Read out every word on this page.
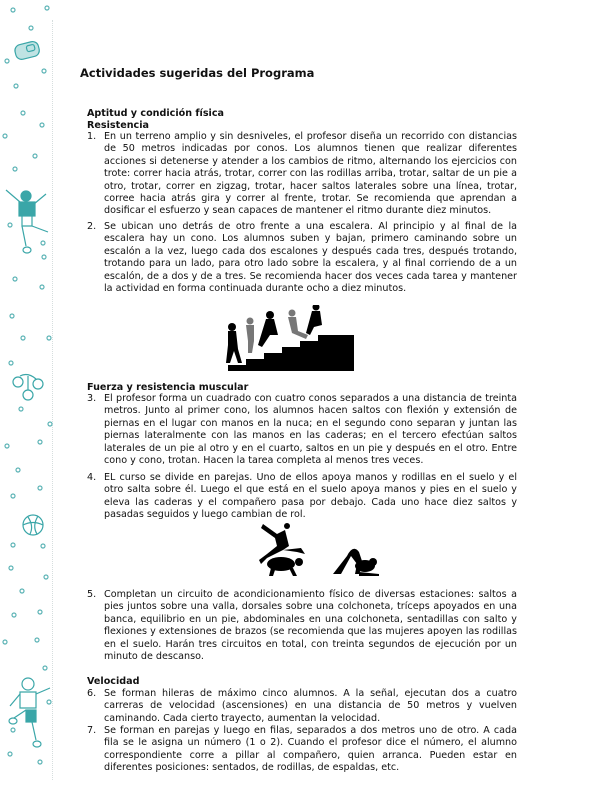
Actividades sugeridas del Programa
Aptitud y condición física
Resistencia
1. En un terreno amplio y sin desniveles, el profesor diseña un recorrido con distancias de 50 metros indicadas por conos. Los alumnos tienen que realizar diferentes acciones si detenerse y atender a los cambios de ritmo, alternando los ejercicios con trote: correr hacia atrás, trotar, correr con las rodillas arriba, trotar, saltar de un pie a otro, trotar, correr en zigzag, trotar, hacer saltos laterales sobre una línea, trotar, corree hacia atrás gira y correr al frente, trotar. Se recomienda que aprendan a dosificar el esfuerzo y sean capaces de mantener el ritmo durante diez minutos.
2. Se ubican uno detrás de otro frente a una escalera. Al principio y al final de la escalera hay un cono. Los alumnos suben y bajan, primero caminando sobre un escalón a la vez, luego cada dos escalones y después cada tres, después trotando, trotando para un lado, para otro lado sobre la escalera, y al final corriendo de a un escalón, de a dos y de a tres. Se recomienda hacer dos veces cada tarea y mantener la actividad en forma continuada durante ocho a diez minutos.
Fuerza y resistencia muscular
3. El profesor forma un cuadrado con cuatro conos separados a una distancia de treinta metros. Junto al primer cono, los alumnos hacen saltos con flexión y extensión de piernas en el lugar con manos en la nuca; en el segundo cono separan y juntan las piernas lateralmente con las manos en las caderas; en el tercero efectúan saltos laterales de un pie al otro y en el cuarto, saltos en un pie y después en el otro. Entre cono y cono, trotan. Hacen la tarea completa al menos tres veces.
4. EL curso se divide en parejas. Uno de ellos apoya manos y rodillas en el suelo y el otro salta sobre él. Luego el que está en el suelo apoya manos y pies en el suelo y eleva las caderas y el compañero pasa por debajo. Cada uno hace diez saltos y pasadas seguidos y luego cambian de rol.
5. Completan un circuito de acondicionamiento físico de diversas estaciones: saltos a pies juntos sobre una valla, dorsales sobre una colchoneta, tríceps apoyados en una banca, equilibrio en un pie, abdominales en una colchoneta, sentadillas con salto y flexiones y extensiones de brazos (se recomienda que las mujeres apoyen las rodillas en el suelo. Harán tres circuitos en total, con treinta segundos de ejecución por un minuto de descanso.
Velocidad
6. Se forman hileras de máximo cinco alumnos. A la señal, ejecutan dos a cuatro carreras de velocidad (ascensiones) en una distancia de 50 metros y vuelven caminando. Cada cierto trayecto, aumentan la velocidad.
7. Se forman en parejas y luego en filas, separados a dos metros uno de otro. A cada fila se le asigna un número (1 o 2). Cuando el profesor dice el número, el alumno correspondiente corre a pillar al compañero, quien arranca. Pueden estar en diferentes posiciones: sentados, de rodillas, de espaldas, etc.
